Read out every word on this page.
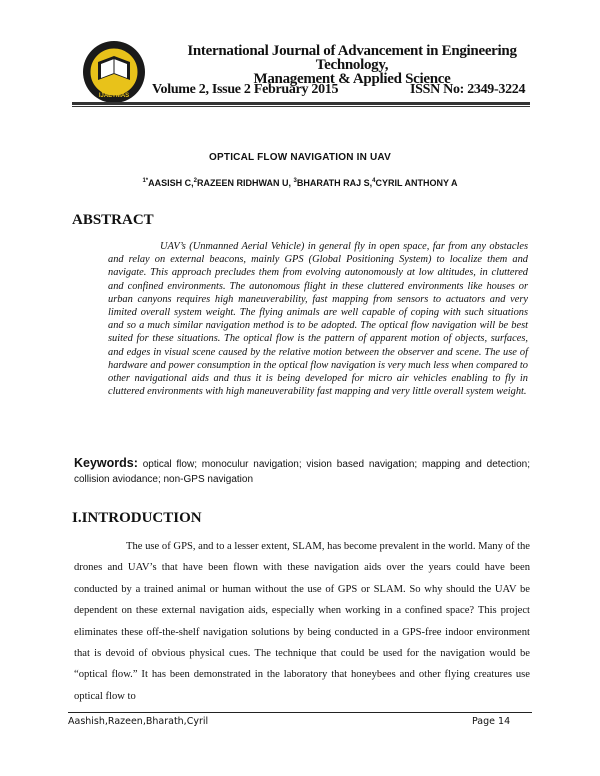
IJAETMAS
International Journal of Advancement in Engineering Technology,
Management & Applied Science
Volume 2, Issue 2 February 2015	ISSN No: 2349-3224
OPTICAL FLOW NAVIGATION IN UAV
$^{1*}$AASISH C,$^2$RAZEEN RIDHWAN U, $^3$BHARATH RAJ S,$^4$CYRIL ANTHONY A
ABSTRACT
UAV’s (Unmanned Aerial Vehicle) in general fly in open space, far from any obstacles and relay on external beacons, mainly GPS (Global Positioning System) to localize them and navigate. This approach precludes them from evolving autonomously at low altitudes, in cluttered and confined environments. The autonomous flight in these cluttered environments like houses or urban canyons requires high maneuverability, fast mapping from sensors to actuators and very limited overall system weight. The flying animals are well capable of coping with such situations and so a much similar navigation method is to be adopted. The optical flow navigation will be best suited for these situations. The optical flow is the pattern of apparent motion of objects, surfaces, and edges in visual scene caused by the relative motion between the observer and scene. The use of hardware and power consumption in the optical flow navigation is very much less when compared to other navigational aids and thus it is being developed for micro air vehicles enabling to fly in cluttered environments with high maneuverability fast mapping and very little overall system weight.
Keywords: optical flow; monoculur navigation; vision based navigation; mapping and detection; collision aviodance; non-GPS navigation
I.INTRODUCTION
The use of GPS, and to a lesser extent, SLAM, has become prevalent in the world. Many of the drones and UAV’s that have been flown with these navigation aids over the years could have been conducted by a trained animal or human without the use of GPS or SLAM. So why should the UAV be dependent on these external navigation aids, especially when working in a confined space? This project eliminates these off-the-shelf navigation solutions by being conducted in a GPS-free indoor environment that is devoid of obvious physical cues. The technique that could be used for the navigation would be “optical flow.” It has been demonstrated in the laboratory that honeybees and other flying creatures use optical flow to
Aashish,Razeen,Bharath,Cyril	Page 14
